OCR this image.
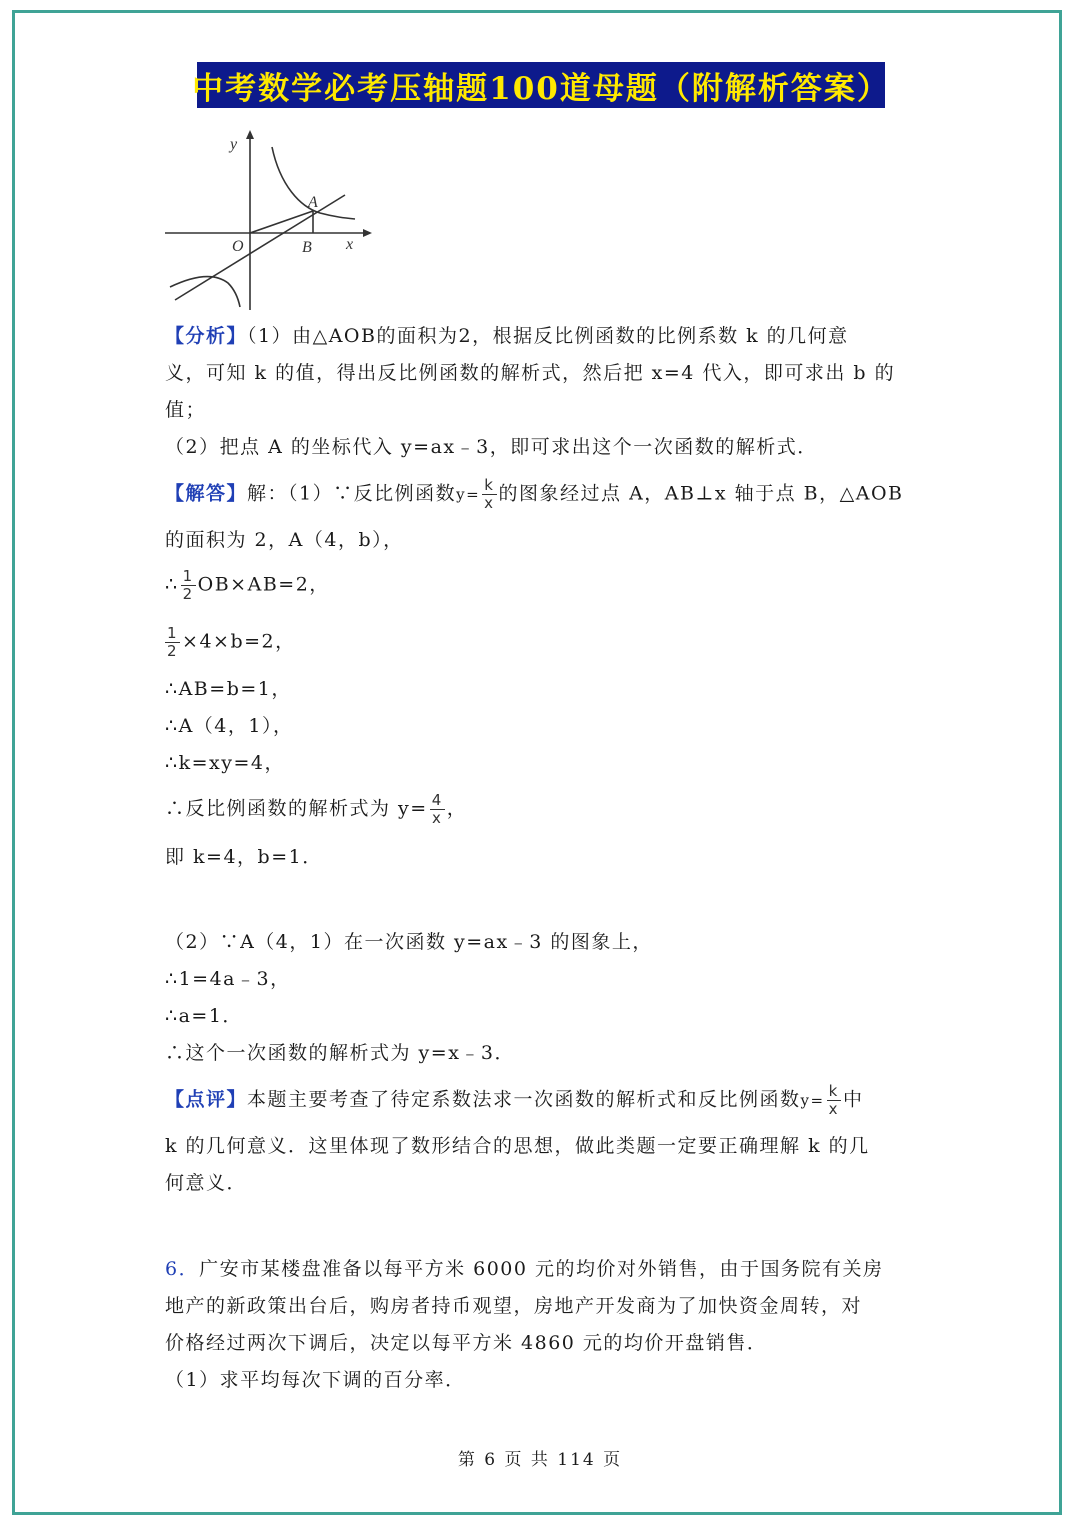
中考数学必考压轴题100道母题（附解析答案）
y
x
O
A
B
【分析】（1）由△AOB的面积为2，根据反比例函数的比例系数 k 的几何意
义，可知 k 的值，得出反比例函数的解析式，然后把 x=4 代入，即可求出 b 的
值；
（2）把点 A 的坐标代入 y=ax﹣3，即可求出这个一次函数的解析式．
【解答】解：（1）∵反比例函数$y= \frac{k}{x}$ 的图象经过点 A，AB⊥x 轴于点 B，△AOB
的面积为 2，A（4，b），
∴ $\frac{1}{2} OB\times AB=2$，
$\frac{1}{2} \times 4\times b=2$，
∴AB=b=1，
∴A（4，1），
∴k=xy=4，
∴反比例函数的解析式为 $y= \frac{4}{x}$ ，
即 k=4，b=1．
（2）∵A（4，1）在一次函数 y=ax﹣3 的图象上，
∴1=4a﹣3，
∴a=1．
∴这个一次函数的解析式为 y=x﹣3．
【点评】本题主要考查了待定系数法求一次函数的解析式和反比例函数$y= \frac{k}{x}$ 中
k 的几何意义．这里体现了数形结合的思想，做此类题一定要正确理解 k 的几
何意义．
6．广安市某楼盘准备以每平方米 6000 元的均价对外销售，由于国务院有关房
地产的新政策出台后，购房者持币观望，房地产开发商为了加快资金周转，对
价格经过两次下调后，决定以每平方米 4860 元的均价开盘销售．
（1）求平均每次下调的百分率．
第 6 页 共 114 页
